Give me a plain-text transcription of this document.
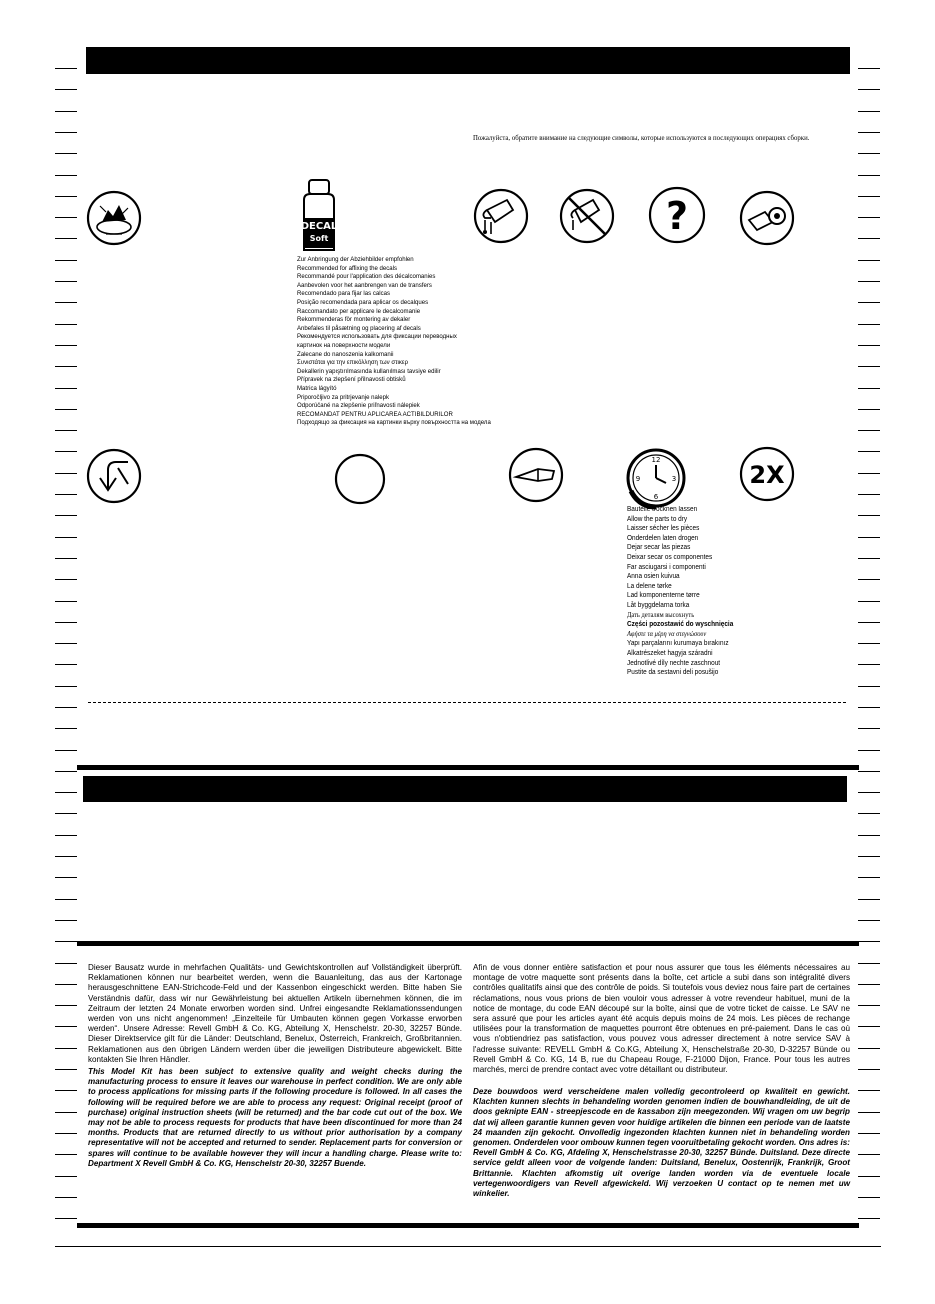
Пожалуйста, обратите внимание на следующие символы, которые используются в последующих операциях сборки.
DECAL
Soft
Zur Anbringung der Abziehbilder empfohlen
Recommended for affixing the decals
Recommandé pour l'application des décalcomanies
Aanbevolen voor het aanbrengen van de transfers
Recomendado para fijar las calcas
Posição recomendada para aplicar os decalques
Raccomandato per applicare le decalcomanie
Rekommenderas för montering av dekaler
Anbefales til påsætning og placering af decals
Рекомендуется использовать для фиксации переводных
картинок на поверхности модели
Zalecane do nanoszenia kalkomanii
Συνιστάται για την επικόλληση των στικερ
Dekallerin yapıştırılmasında kullanılması tavsiye edilir
Přípravek na zlepšení přilnavosti obtisků
Matrica lágyító
Priporočljivo za pritrjevanje nalepk
Odporúčané na zlepšenie priľnavosti nálepiek
RECOMANDAT PENTRU APLICAREA ACTIBILDURILOR
Подходящо за фиксация на картинки върху повърхността на модела
?
12
3
6
9
Bauteile trocknen lassen
Allow the parts to dry
Laisser sécher les pièces
Onderdelen laten drogen
Dejar secar las piezas
Deixar secar os componentes
Far asciugarsi i componenti
Anna osien kuivua
La delene tørke
Lad komponenterne tørre
Låt byggdelarna torka
Дать деталям высохнуть
Części pozostawić do wyschnięcia
Αφήστε τα μέρη να στεγνώσουν
Yapı parçalarını kurumaya bırakınız
Alkatrészeket hagyja száradni
Jednotlivé díly nechte zaschnout
Pustite da sestavni deli posušijo
2X

Dieser Bausatz wurde in mehrfachen Qualitäts- und Gewichtskontrollen auf Vollständigkeit überprüft. Reklamationen können nur bearbeitet werden, wenn die Bauanleitung, das aus der Kartonage herausgeschnittene EAN-Strichcode-Feld und der Kassenbon eingeschickt werden. Bitte haben Sie Verständnis dafür, dass wir nur Gewährleistung bei aktuellen Artikeln übernehmen können, die im Zeitraum der letzten 24 Monate erworben worden sind. Unfrei eingesandte Reklamationssendungen werden von uns nicht angenommen! „Einzelteile für Umbauten können gegen Vorkasse erworben werden“. Unsere Adresse: Revell GmbH & Co. KG, Abteilung X, Henschelstr. 20-30, 32257 Bünde. Dieser Direktservice gilt für die Länder: Deutschland, Benelux, Österreich, Frankreich, Großbritannien. Reklamationen aus den übrigen Ländern werden über die jeweiligen Distributeure abgewickelt. Bitte kontakten Sie Ihren Händler.

This Model Kit has been subject to extensive quality and weight checks during the manufacturing process to ensure it leaves our warehouse in perfect condition. We are only able to process applications for missing parts if the following procedure is followed. In all cases the following will be required before we are able to process any request: Original receipt (proof of purchase) original instruction sheets (will be returned) and the bar code cut out of the box. We may not be able to process requests for products that have been discontinued for more than 24 months. Products that are returned directly to us without prior authorisation by a company representative will not be accepted and returned to sender. Replacement parts for conversion or spares will continue to be available however they will incur a handling charge. Please write to: Department X Revell GmbH & Co. KG, Henschelstr 20-30, 32257 Buende.

Afin de vous donner entière satisfaction et pour nous assurer que tous les éléments nécessaires au montage de votre maquette sont présents dans la boîte, cet article a subi dans son intégralité divers contrôles qualitatifs ainsi que des contrôle de poids. Si toutefois vous deviez nous faire part de certaines réclamations, nous vous prions de bien vouloir vous adresser à votre revendeur habituel, muni de la notice de montage, du code EAN découpé sur la boîte, ainsi que de votre ticket de caisse. Le SAV ne sera assuré que pour les articles ayant été acquis depuis moins de 24 mois. Les pièces de rechange utilisées pour la transformation de maquettes pourront être obtenues en pré-paiement. Dans le cas où vous n'obtiendriez pas satisfaction, vous pouvez vous adresser directement à notre service SAV à l'adresse suivante: REVELL GmbH & Co.KG, Abteilung X, Henschelstraße 20-30, D-32257 Bünde ou Revell GmbH & Co. KG, 14 B, rue du Chapeau Rouge, F-21000 Dijon, France. Pour tous les autres marchés, merci de prendre contact avec votre détaillant ou distributeur.

Deze bouwdoos werd verscheidene malen volledig gecontroleerd op kwaliteit en gewicht. Klachten kunnen slechts in behandeling worden genomen indien de bouwhandleiding, de uit de doos geknipte EAN - streepjescode en de kassabon zijn meegezonden. Wij vragen om uw begrip dat wij alleen garantie kunnen geven voor huidige artikelen die binnen een periode van de laatste 24 maanden zijn gekocht. Onvolledig ingezonden klachten kunnen niet in behandeling worden genomen. Onderdelen voor ombouw kunnen tegen vooruitbetaling gekocht worden. Ons adres is: Revell GmbH & Co. KG, Afdeling X, Henschelstrasse 20-30, 32257 Bünde. Duitsland. Deze directe service geldt alleen voor de volgende landen: Duitsland, Benelux, Oostenrijk, Frankrijk, Groot Brittannie. Klachten afkomstig uit overige landen worden via de eventuele locale vertegenwoordigers van Revell afgewickeld. Wij verzoeken U contact op te nemen met uw winkelier.
